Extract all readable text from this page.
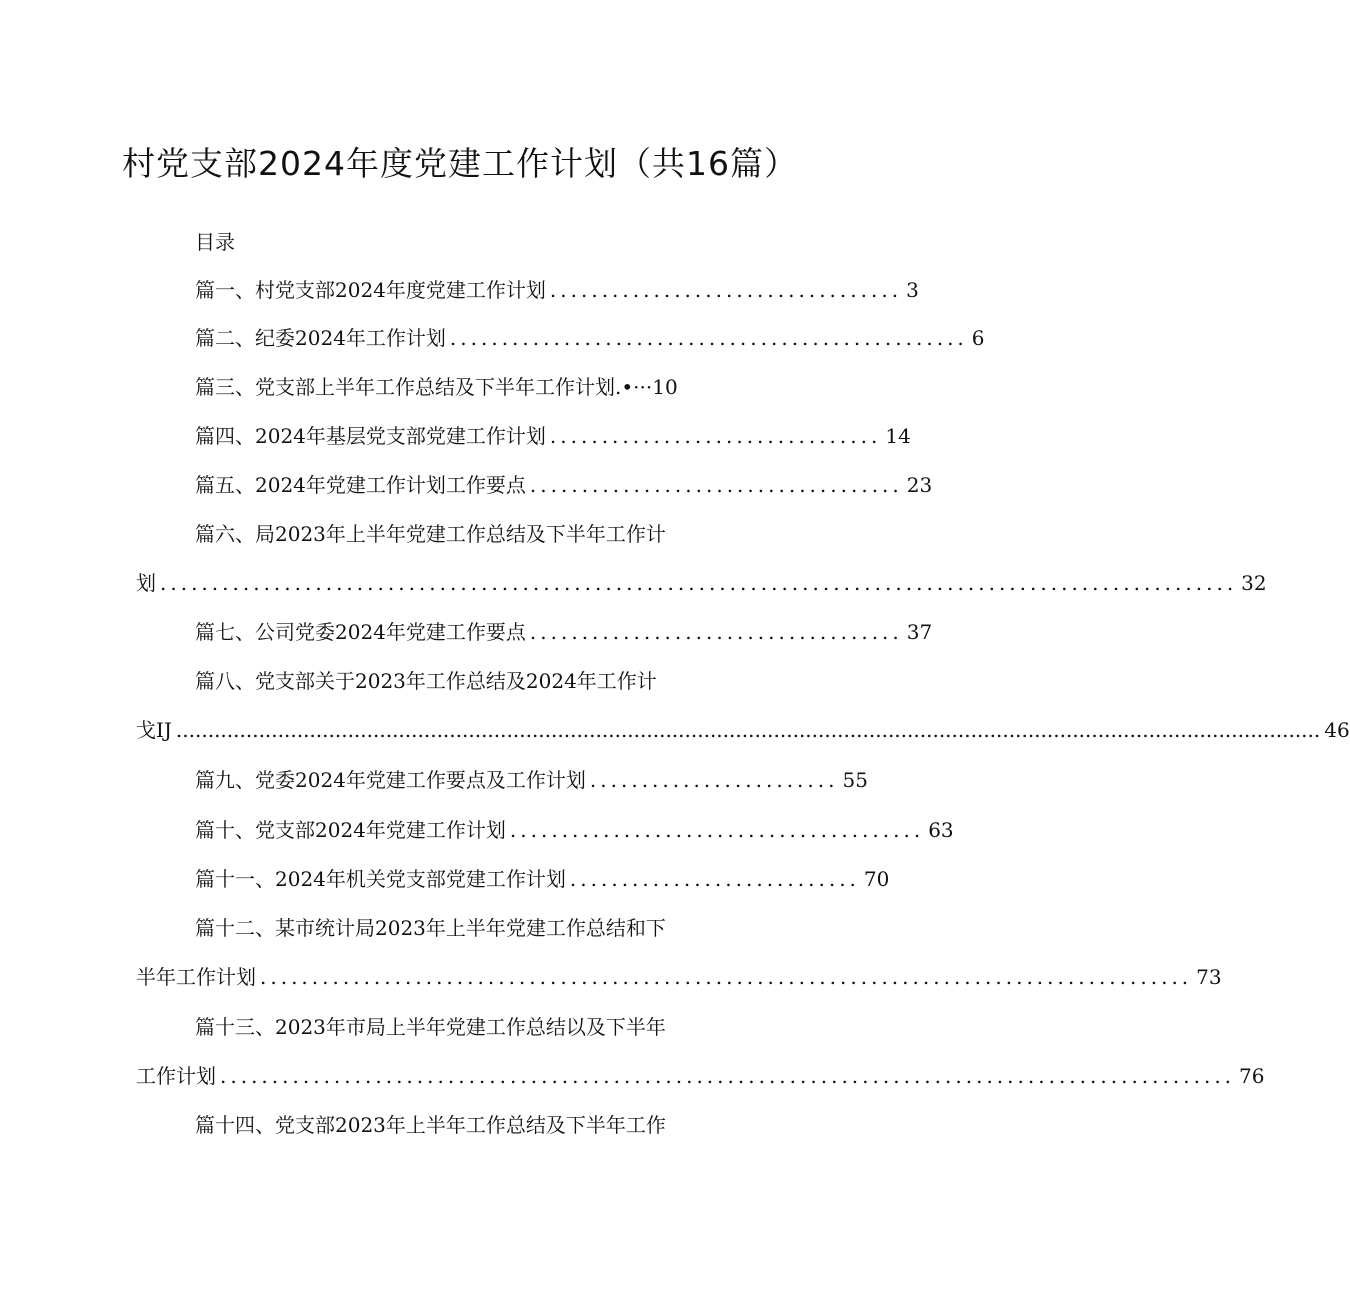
村党支部2024年度党建工作计划（共16篇）
目录
篇一、村党支部2024年度党建工作计划 .................................. 3
篇二、纪委2024年工作计划 .................................................. 6
篇三、党支部上半年工作总结及下半年工作计划. •··· 10
篇四、2024年基层党支部党建工作计划 ................................ 14
篇五、2024年党建工作计划工作要点 .................................... 23
篇六、局2023年上半年党建工作总结及下半年工作计
划 ........................................................................................................ 32
篇七、公司党委2024年党建工作要点 .................................... 37
篇八、党支部关于2023年工作总结及2024年工作计
戈IJ .................................................................................................................................................................................... 46
篇九、党委2024年党建工作要点及工作计划 ........................ 55
篇十、党支部2024年党建工作计划 ........................................ 63
篇十一、2024年机关党支部党建工作计划 ............................ 70
篇十二、某市统计局2023年上半年党建工作总结和下
半年工作计划 .......................................................................................... 73
篇十三、2023年市局上半年党建工作总结以及下半年
工作计划 .................................................................................................. 76
篇十四、党支部2023年上半年工作总结及下半年工作
